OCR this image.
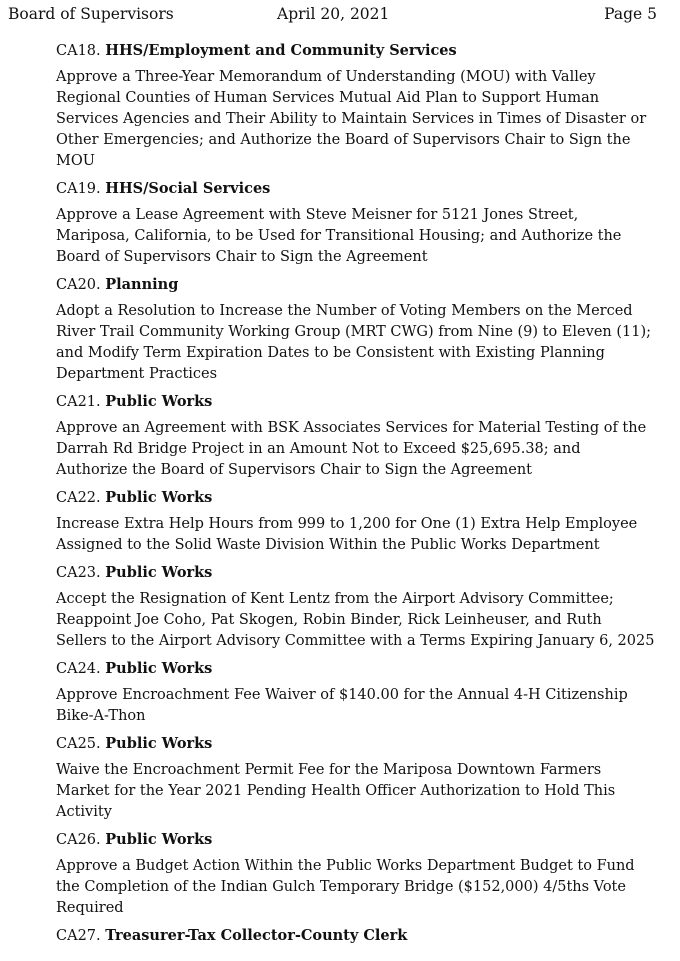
Board of Supervisors	April 20, 2021	Page 5
CA18. HHS/Employment and Community Services
Approve a Three-Year Memorandum of Understanding (MOU) with Valley Regional Counties of Human Services Mutual Aid Plan to Support Human Services Agencies and Their Ability to Maintain Services in Times of Disaster or Other Emergencies; and Authorize the Board of Supervisors Chair to Sign the MOU
CA19. HHS/Social Services
Approve a Lease Agreement with Steve Meisner for 5121 Jones Street, Mariposa, California, to be Used for Transitional Housing; and Authorize the Board of Supervisors Chair to Sign the Agreement
CA20. Planning
Adopt a Resolution to Increase the Number of Voting Members on the Merced River Trail Community Working Group (MRT CWG) from Nine (9) to Eleven (11); and Modify Term Expiration Dates to be Consistent with Existing Planning Department Practices
CA21. Public Works
Approve an Agreement with BSK Associates Services for Material Testing of the Darrah Rd Bridge Project in an Amount Not to Exceed $25,695.38; and Authorize the Board of Supervisors Chair to Sign the Agreement
CA22. Public Works
Increase Extra Help Hours from 999 to 1,200 for One (1) Extra Help Employee Assigned to the Solid Waste Division Within the Public Works Department
CA23. Public Works
Accept the Resignation of Kent Lentz from the Airport Advisory Committee; Reappoint Joe Coho, Pat Skogen, Robin Binder, Rick Leinheuser, and Ruth Sellers to the Airport Advisory Committee with a Terms Expiring January 6, 2025
CA24. Public Works
Approve Encroachment Fee Waiver of $140.00 for the Annual 4-H Citizenship Bike-A-Thon
CA25. Public Works
Waive the Encroachment Permit Fee for the Mariposa Downtown Farmers Market for the Year 2021 Pending Health Officer Authorization to Hold This Activity
CA26. Public Works
Approve a Budget Action Within the Public Works Department Budget to Fund the Completion of the Indian Gulch Temporary Bridge ($152,000) 4/5ths Vote Required
CA27. Treasurer-Tax Collector-County Clerk
